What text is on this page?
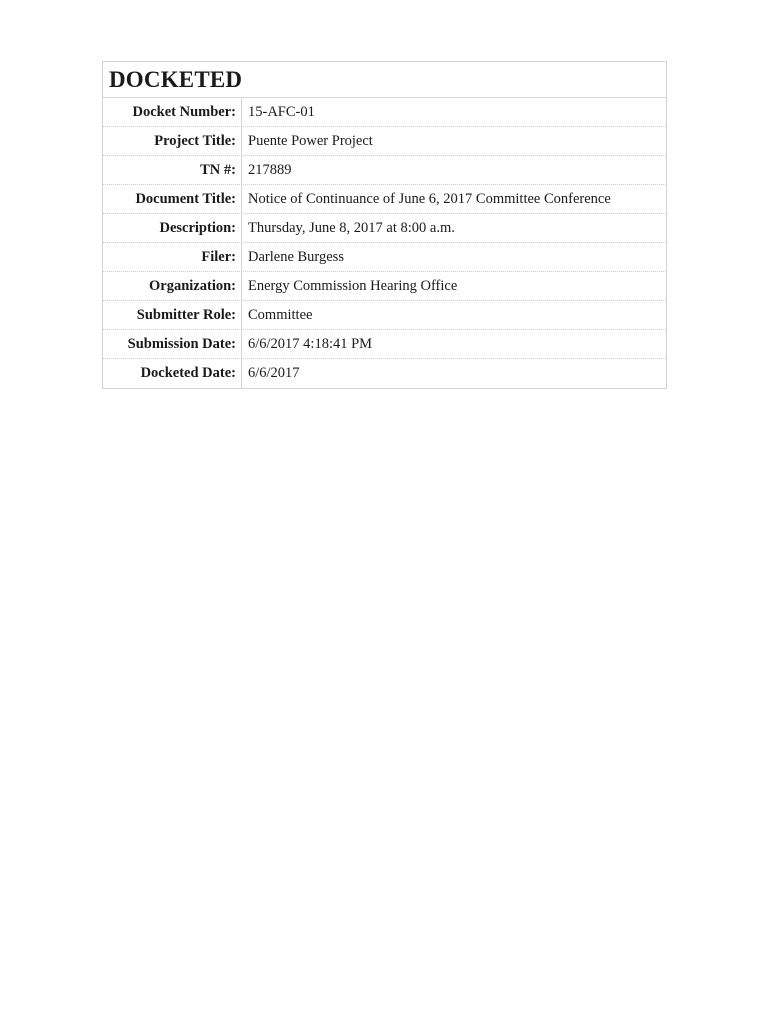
DOCKETED
Docket Number: 15-AFC-01
Project Title: Puente Power Project
TN #: 217889
Document Title: Notice of Continuance of June 6, 2017 Committee Conference
Description: Thursday, June 8, 2017 at 8:00 a.m.
Filer: Darlene Burgess
Organization: Energy Commission Hearing Office
Submitter Role: Committee
Submission Date: 6/6/2017 4:18:41 PM
Docketed Date: 6/6/2017
